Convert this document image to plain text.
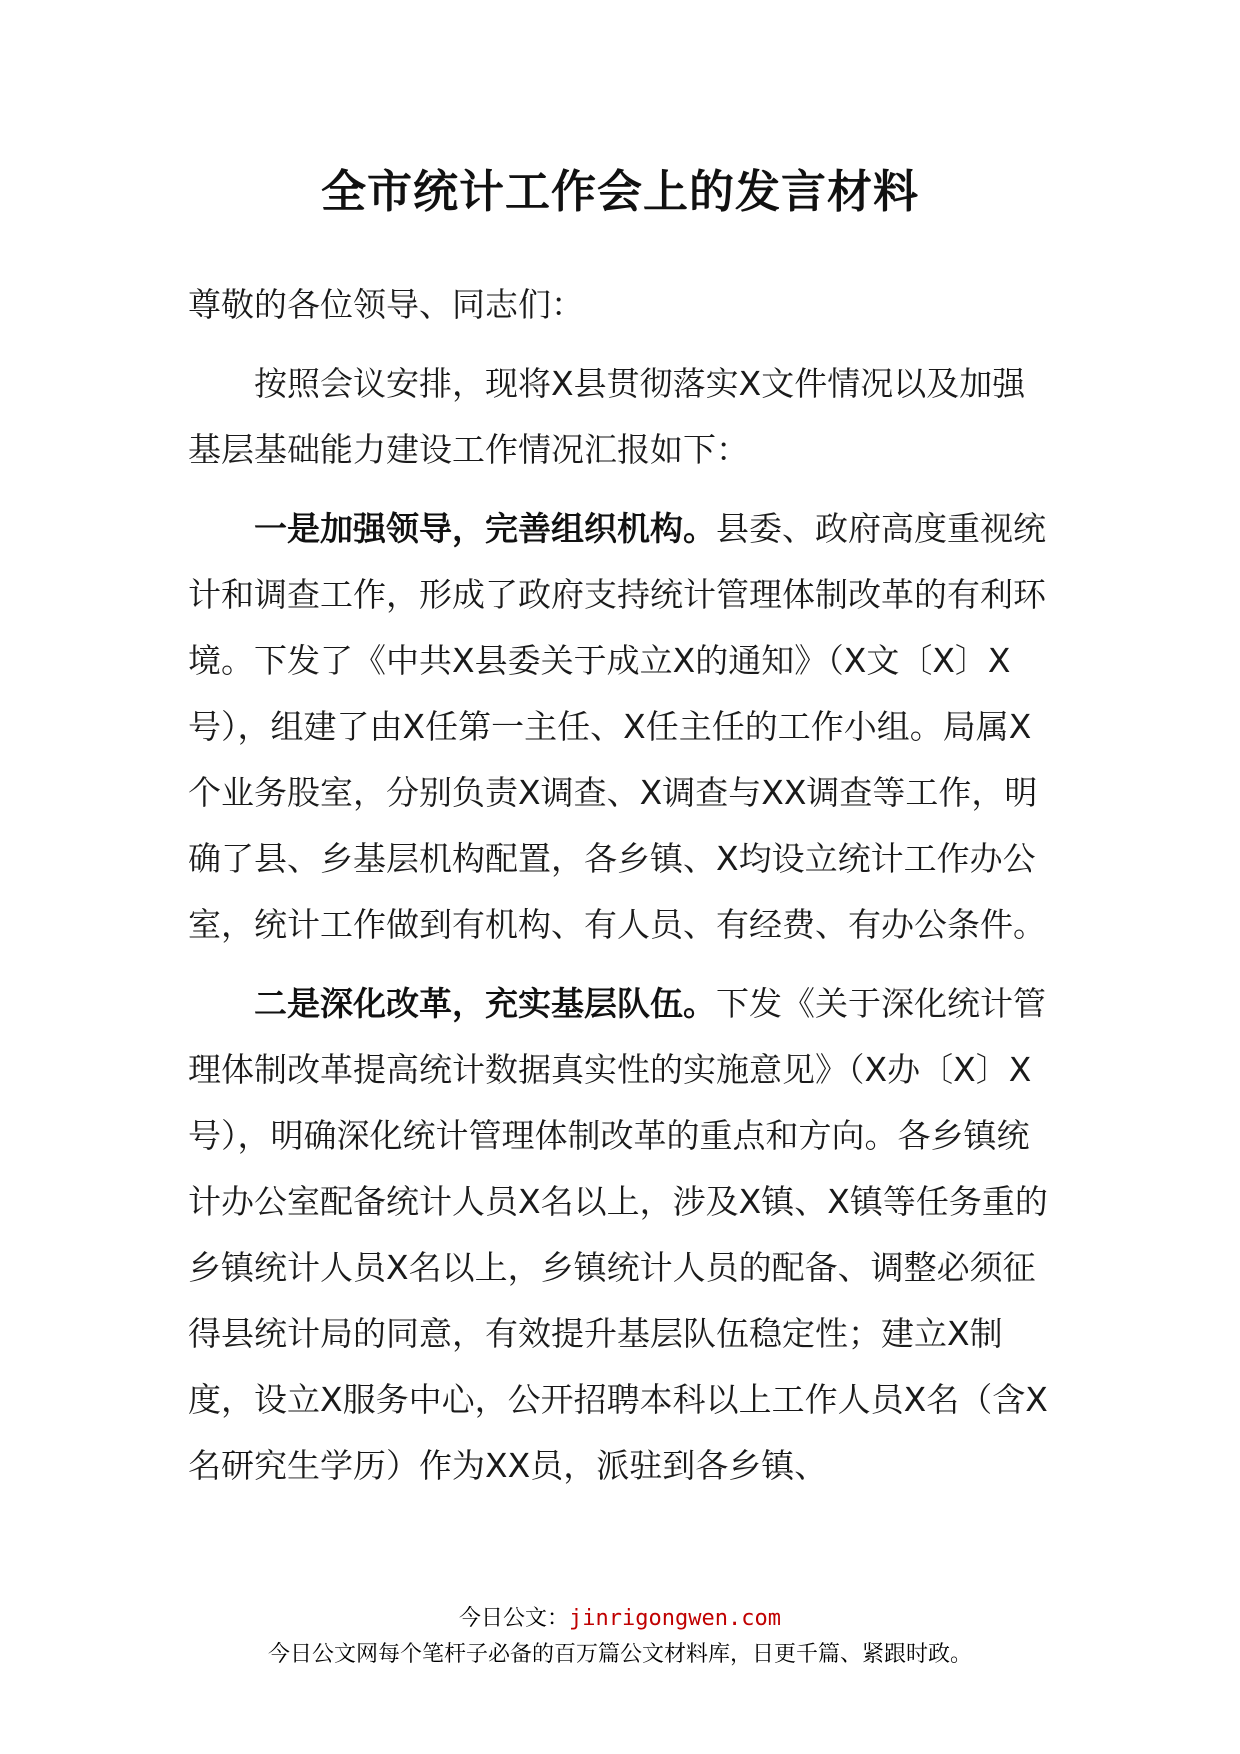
全市统计工作会上的发言材料

尊敬的各位领导、同志们：

按照会议安排，现将X县贯彻落实X文件情况以及加强基层基础能力建设工作情况汇报如下：

一是加强领导，完善组织机构。县委、政府高度重视统计和调查工作，形成了政府支持统计管理体制改革的有利环境。下发了《中共X县委关于成立X的通知》（X文〔X〕X号），组建了由X任第一主任、X任主任的工作小组。局属X个业务股室，分别负责X调查、X调查与XX调查等工作，明确了县、乡基层机构配置，各乡镇、X均设立统计工作办公室，统计工作做到有机构、有人员、有经费、有办公条件。

二是深化改革，充实基层队伍。下发《关于深化统计管理体制改革提高统计数据真实性的实施意见》（X办〔X〕X号），明确深化统计管理体制改革的重点和方向。各乡镇统计办公室配备统计人员X名以上，涉及X镇、X镇等任务重的乡镇统计人员X名以上，乡镇统计人员的配备、调整必须征得县统计局的同意，有效提升基层队伍稳定性；建立X制度，设立X服务中心，公开招聘本科以上工作人员X名（含X名研究生学历）作为XX员，派驻到各乡镇、

今日公文：jinrigongwen.com
今日公文网每个笔杆子必备的百万篇公文材料库，日更千篇、紧跟时政。
